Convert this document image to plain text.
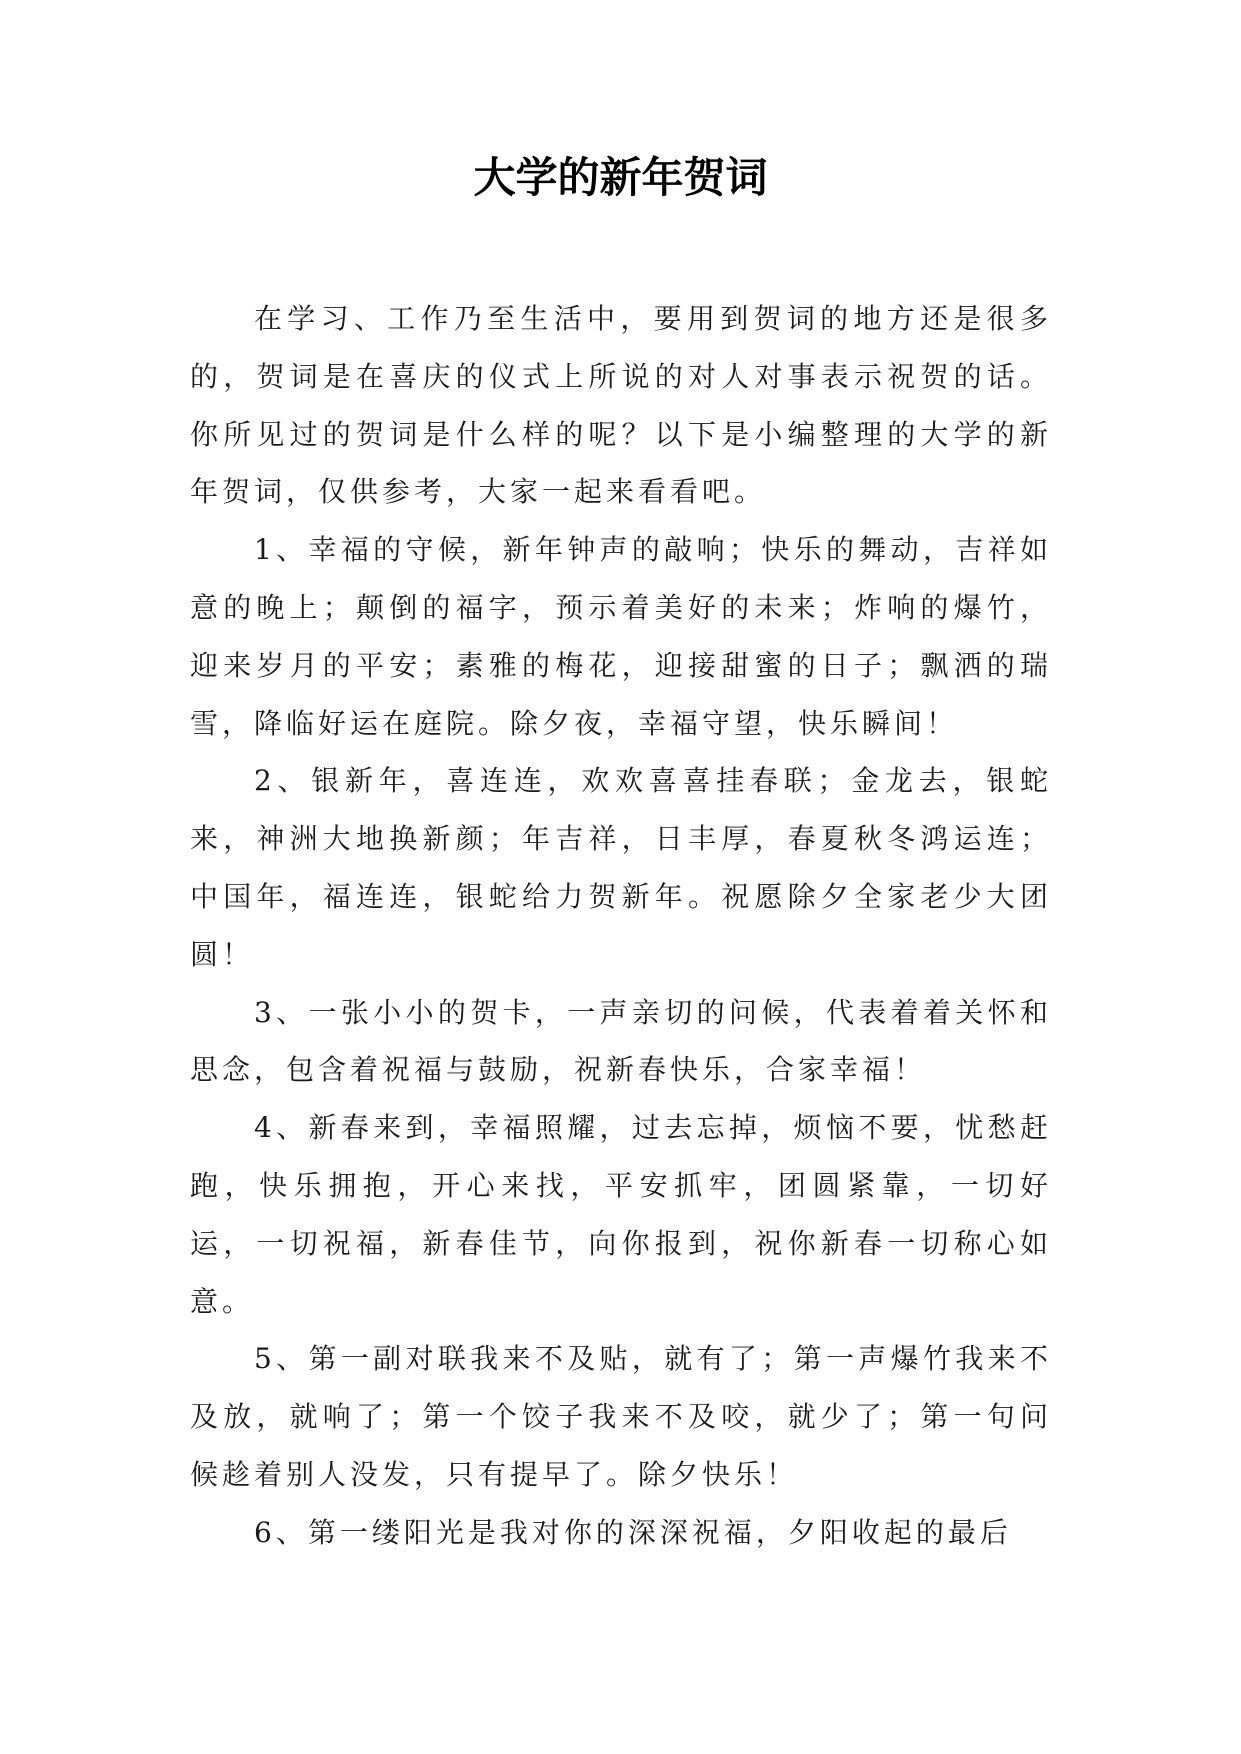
大学的新年贺词

在学习、工作乃至生活中，要用到贺词的地方还是很多的，贺词是在喜庆的仪式上所说的对人对事表示祝贺的话。你所见过的贺词是什么样的呢？以下是小编整理的大学的新年贺词，仅供参考，大家一起来看看吧。

1、幸福的守候，新年钟声的敲响；快乐的舞动，吉祥如意的晚上；颠倒的福字，预示着美好的未来；炸响的爆竹，迎来岁月的平安；素雅的梅花，迎接甜蜜的日子；飘洒的瑞雪，降临好运在庭院。除夕夜，幸福守望，快乐瞬间！

2、银新年，喜连连，欢欢喜喜挂春联；金龙去，银蛇来，神洲大地换新颜；年吉祥，日丰厚，春夏秋冬鸿运连；中国年，福连连，银蛇给力贺新年。祝愿除夕全家老少大团圆！

3、一张小小的贺卡，一声亲切的问候，代表着着关怀和思念，包含着祝福与鼓励，祝新春快乐，合家幸福！

4、新春来到，幸福照耀，过去忘掉，烦恼不要，忧愁赶跑，快乐拥抱，开心来找，平安抓牢，团圆紧靠，一切好运，一切祝福，新春佳节，向你报到，祝你新春一切称心如意。

5、第一副对联我来不及贴，就有了；第一声爆竹我来不及放，就响了；第一个饺子我来不及咬，就少了；第一句问候趁着别人没发，只有提早了。除夕快乐！

6、第一缕阳光是我对你的深深祝福，夕阳收起的最后
